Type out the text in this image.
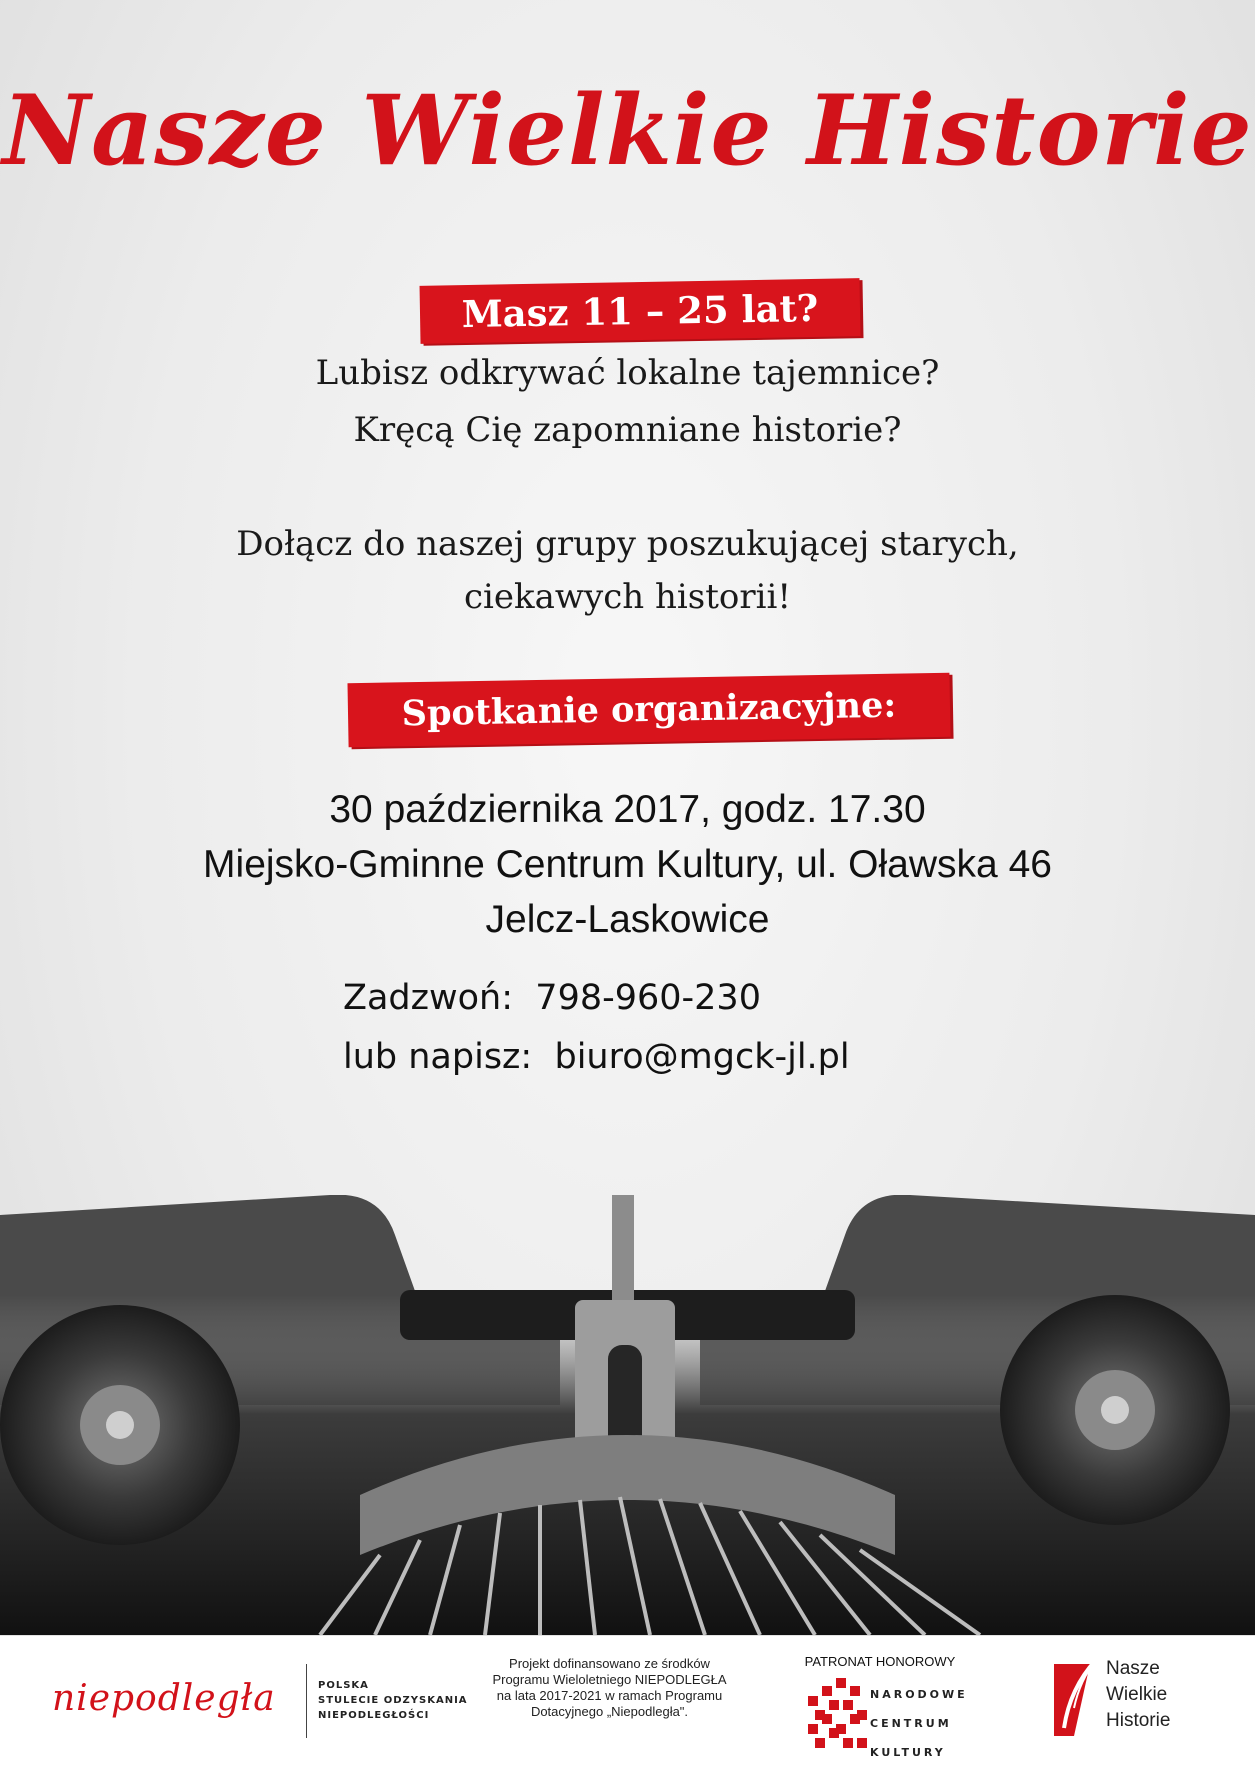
Nasze Wielkie Historie
Masz 11 – 25 lat?
Lubisz odkrywać lokalne tajemnice?
Kręcą Cię zapomniane historie?
Dołącz do naszej grupy poszukującej starych,
ciekawych historii!
Spotkanie organizacyjne:
30 października 2017, godz. 17.30
Miejsko-Gminne Centrum Kultury, ul. Oławska 46
Jelcz-Laskowice
Zadzwoń: 798-960-230
lub napisz: biuro@mgck-jl.pl
niepodległa	POLSKA
STULECIE ODZYSKANIA
NIEPODLEGŁOŚCI
Projekt dofinansowano ze środków
Programu Wieloletniego NIEPODLEGŁA
na lata 2017-2021 w ramach Programu
Dotacyjnego „Niepodległa".
PATRONAT HONOROWY
NARODOWE
CENTRUM
KULTURY
Nasze
Wielkie
Historie
